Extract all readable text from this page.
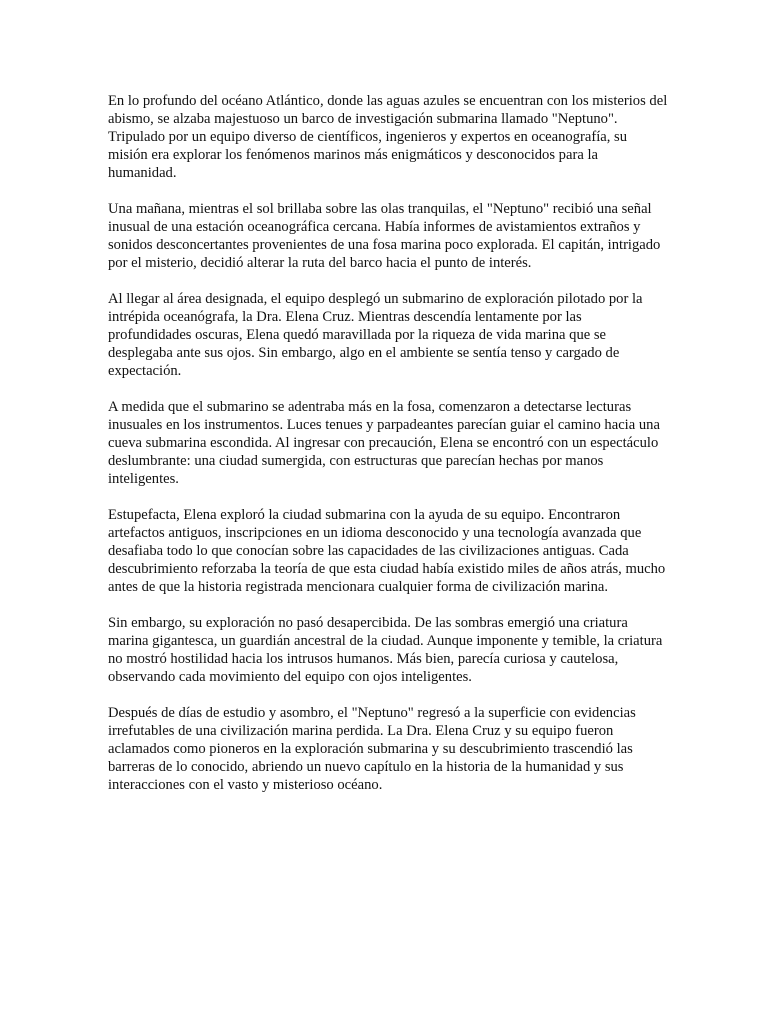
En lo profundo del océano Atlántico, donde las aguas azules se encuentran con los misterios del abismo, se alzaba majestuoso un barco de investigación submarina llamado "Neptuno". Tripulado por un equipo diverso de científicos, ingenieros y expertos en oceanografía, su misión era explorar los fenómenos marinos más enigmáticos y desconocidos para la humanidad.

Una mañana, mientras el sol brillaba sobre las olas tranquilas, el "Neptuno" recibió una señal inusual de una estación oceanográfica cercana. Había informes de avistamientos extraños y sonidos desconcertantes provenientes de una fosa marina poco explorada. El capitán, intrigado por el misterio, decidió alterar la ruta del barco hacia el punto de interés.

Al llegar al área designada, el equipo desplegó un submarino de exploración pilotado por la intrépida oceanógrafa, la Dra. Elena Cruz. Mientras descendía lentamente por las profundidades oscuras, Elena quedó maravillada por la riqueza de vida marina que se desplegaba ante sus ojos. Sin embargo, algo en el ambiente se sentía tenso y cargado de expectación.

A medida que el submarino se adentraba más en la fosa, comenzaron a detectarse lecturas inusuales en los instrumentos. Luces tenues y parpadeantes parecían guiar el camino hacia una cueva submarina escondida. Al ingresar con precaución, Elena se encontró con un espectáculo deslumbrante: una ciudad sumergida, con estructuras que parecían hechas por manos inteligentes.

Estupefacta, Elena exploró la ciudad submarina con la ayuda de su equipo. Encontraron artefactos antiguos, inscripciones en un idioma desconocido y una tecnología avanzada que desafiaba todo lo que conocían sobre las capacidades de las civilizaciones antiguas. Cada descubrimiento reforzaba la teoría de que esta ciudad había existido miles de años atrás, mucho antes de que la historia registrada mencionara cualquier forma de civilización marina.

Sin embargo, su exploración no pasó desapercibida. De las sombras emergió una criatura marina gigantesca, un guardián ancestral de la ciudad. Aunque imponente y temible, la criatura no mostró hostilidad hacia los intrusos humanos. Más bien, parecía curiosa y cautelosa, observando cada movimiento del equipo con ojos inteligentes.

Después de días de estudio y asombro, el "Neptuno" regresó a la superficie con evidencias irrefutables de una civilización marina perdida. La Dra. Elena Cruz y su equipo fueron aclamados como pioneros en la exploración submarina y su descubrimiento trascendió las barreras de lo conocido, abriendo un nuevo capítulo en la historia de la humanidad y sus interacciones con el vasto y misterioso océano.
